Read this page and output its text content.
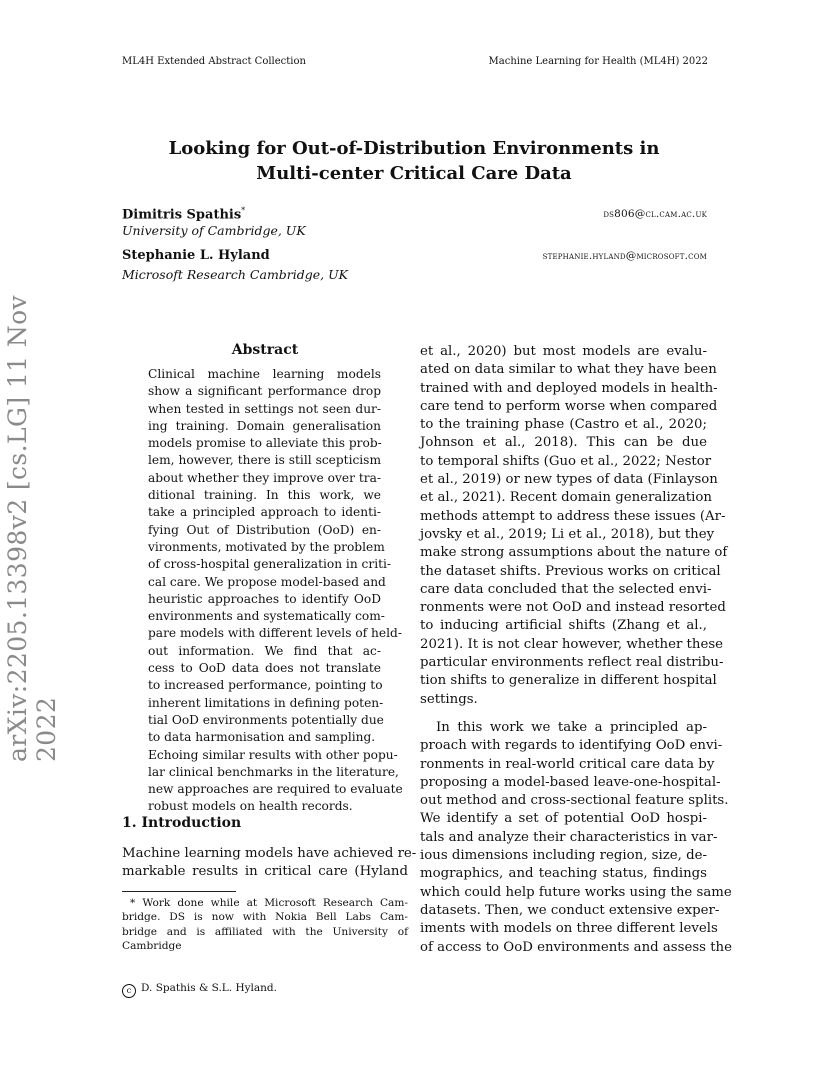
ML4H Extended Abstract Collection	Machine Learning for Health (ML4H) 2022
arXiv:2205.13398v2 [cs.LG] 11 Nov 2022
Looking for Out-of-Distribution Environments in
Multi-center Critical Care Data
Dimitris Spathis*	ds806@cl.cam.ac.uk
University of Cambridge, UK
Stephanie L. Hyland	stephanie.hyland@microsoft.com
Microsoft Research Cambridge, UK
Abstract
Clinical machine learning models
show a significant performance drop
when tested in settings not seen dur-
ing training. Domain generalisation
models promise to alleviate this prob-
lem, however, there is still scepticism
about whether they improve over tra-
ditional training. In this work, we
take a principled approach to identi-
fying Out of Distribution (OoD) en-
vironments, motivated by the problem
of cross-hospital generalization in criti-
cal care. We propose model-based and
heuristic approaches to identify OoD
environments and systematically com-
pare models with different levels of held-
out information. We find that ac-
cess to OoD data does not translate
to increased performance, pointing to
inherent limitations in defining poten-
tial OoD environments potentially due
to data harmonisation and sampling.
Echoing similar results with other popu-
lar clinical benchmarks in the literature,
new approaches are required to evaluate
robust models on health records.
1. Introduction
Machine learning models have achieved re-
markable results in critical care (Hyland
* Work done while at Microsoft Research Cam-
bridge. DS is now with Nokia Bell Labs Cam-
bridge and is affiliated with the University of
Cambridge
et al., 2020) but most models are evalu-
ated on data similar to what they have been
trained with and deployed models in health-
care tend to perform worse when compared
to the training phase (Castro et al., 2020;
Johnson et al., 2018). This can be due
to temporal shifts (Guo et al., 2022; Nestor
et al., 2019) or new types of data (Finlayson
et al., 2021). Recent domain generalization
methods attempt to address these issues (Ar-
jovsky et al., 2019; Li et al., 2018), but they
make strong assumptions about the nature of
the dataset shifts. Previous works on critical
care data concluded that the selected envi-
ronments were not OoD and instead resorted
to inducing artificial shifts (Zhang et al.,
2021). It is not clear however, whether these
particular environments reflect real distribu-
tion shifts to generalize in different hospital
settings.
In this work we take a principled ap-
proach with regards to identifying OoD envi-
ronments in real-world critical care data by
proposing a model-based leave-one-hospital-
out method and cross-sectional feature splits.
We identify a set of potential OoD hospi-
tals and analyze their characteristics in var-
ious dimensions including region, size, de-
mographics, and teaching status, findings
which could help future works using the same
datasets. Then, we conduct extensive exper-
iments with models on three different levels
of access to OoD environments and assess the
c D. Spathis & S.L. Hyland.
